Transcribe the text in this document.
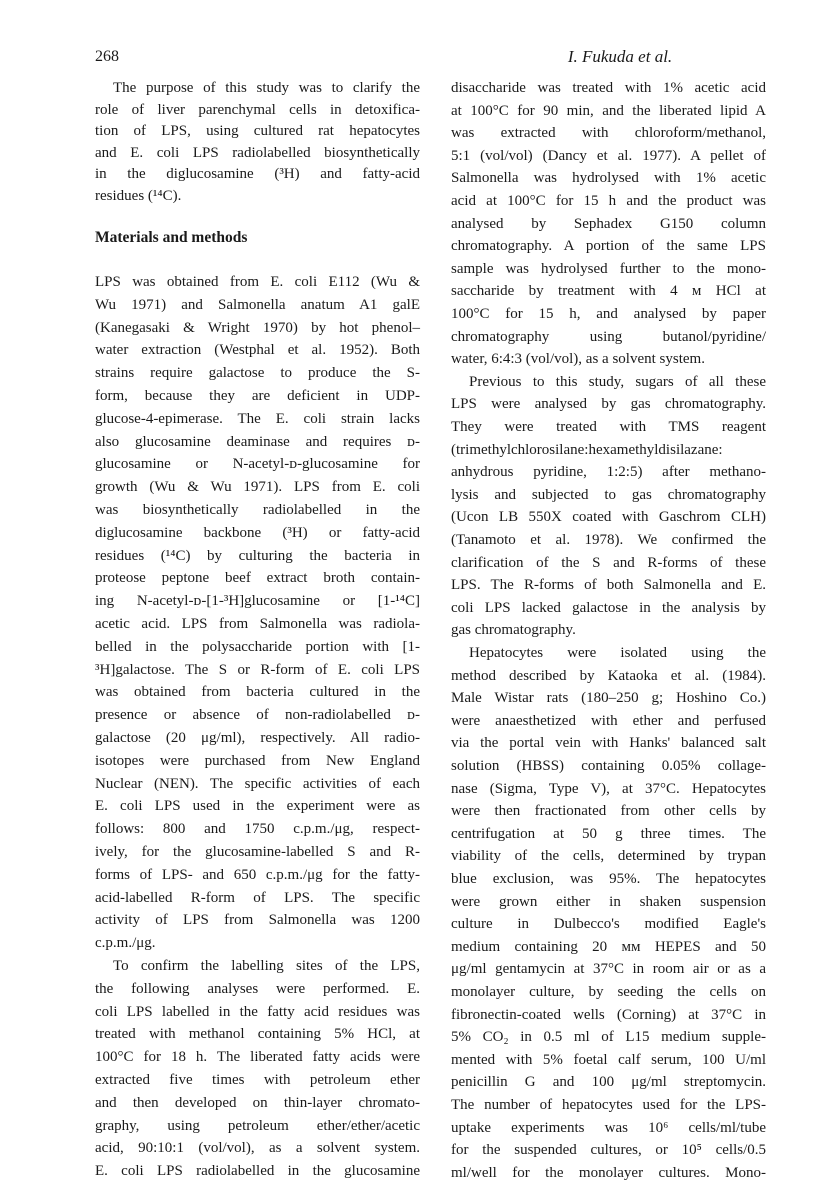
268	I. Fukuda et al.
Materials and methods
The purpose of this study was to clarify the
role of liver parenchymal cells in detoxifica-
tion of LPS, using cultured rat hepatocytes
and E. coli LPS radiolabelled biosynthetically
in the diglucosamine (³H) and fatty-acid
residues (¹⁴C).
LPS was obtained from E. coli E112 (Wu &
Wu 1971) and Salmonella anatum A1 galE
(Kanegasaki & Wright 1970) by hot phenol–
water extraction (Westphal et al. 1952). Both
strains require galactose to produce the S-
form, because they are deficient in UDP-
glucose-4-epimerase. The E. coli strain lacks
also glucosamine deaminase and requires ᴅ-
glucosamine or N-acetyl-ᴅ-glucosamine for
growth (Wu & Wu 1971). LPS from E. coli
was biosynthetically radiolabelled in the
diglucosamine backbone (³H) or fatty-acid
residues (¹⁴C) by culturing the bacteria in
proteose peptone beef extract broth contain-
ing N-acetyl-ᴅ-[1-³H]glucosamine or [1-¹⁴C]
acetic acid. LPS from Salmonella was radiola-
belled in the polysaccharide portion with [1-
³H]galactose. The S or R-form of E. coli LPS
was obtained from bacteria cultured in the
presence or absence of non-radiolabelled ᴅ-
galactose (20 μg/ml), respectively. All radio-
isotopes were purchased from New England
Nuclear (NEN). The specific activities of each
E. coli LPS used in the experiment were as
follows: 800 and 1750 c.p.m./μg, respect-
ively, for the glucosamine-labelled S and R-
forms of LPS- and 650 c.p.m./μg for the fatty-
acid-labelled R-form of LPS. The specific
activity of LPS from Salmonella was 1200
c.p.m./μg.
To confirm the labelling sites of the LPS,
the following analyses were performed. E.
coli LPS labelled in the fatty acid residues was
treated with methanol containing 5% HCl, at
100°C for 18 h. The liberated fatty acids were
extracted five times with petroleum ether
and then developed on thin-layer chromato-
graphy, using petroleum ether/ether/acetic
acid, 90:10:1 (vol/vol), as a solvent system.
E. coli LPS radiolabelled in the glucosamine
disaccharide was treated with 1% acetic acid
at 100°C for 90 min, and the liberated lipid A
was extracted with chloroform/methanol,
5:1 (vol/vol) (Dancy et al. 1977). A pellet of
Salmonella was hydrolysed with 1% acetic
acid at 100°C for 15 h and the product was
analysed by Sephadex G150 column
chromatography. A portion of the same LPS
sample was hydrolysed further to the mono-
saccharide by treatment with 4 ᴍ HCl at
100°C for 15 h, and analysed by paper
chromatography using butanol/pyridine/
water, 6:4:3 (vol/vol), as a solvent system.
Previous to this study, sugars of all these
LPS were analysed by gas chromatography.
They were treated with TMS reagent
(trimethylchlorosilane:hexamethyldisilazane:
anhydrous pyridine, 1:2:5) after methano-
lysis and subjected to gas chromatography
(Ucon LB 550X coated with Gaschrom CLH)
(Tanamoto et al. 1978). We confirmed the
clarification of the S and R-forms of these
LPS. The R-forms of both Salmonella and E.
coli LPS lacked galactose in the analysis by
gas chromatography.
Hepatocytes were isolated using the
method described by Kataoka et al. (1984).
Male Wistar rats (180–250 g; Hoshino Co.)
were anaesthetized with ether and perfused
via the portal vein with Hanks' balanced salt
solution (HBSS) containing 0.05% collage-
nase (Sigma, Type V), at 37°C. Hepatocytes
were then fractionated from other cells by
centrifugation at 50 g three times. The
viability of the cells, determined by trypan
blue exclusion, was 95%. The hepatocytes
were grown either in shaken suspension
culture in Dulbecco's modified Eagle's
medium containing 20 ᴍᴍ HEPES and 50
μg/ml gentamycin at 37°C in room air or as a
monolayer culture, by seeding the cells on
fibronectin-coated wells (Corning) at 37°C in
5% CO₂ in 0.5 ml of L15 medium supple-
mented with 5% foetal calf serum, 100 U/ml
penicillin G and 100 μg/ml streptomycin.
The number of hepatocytes used for the LPS-
uptake experiments was 10⁶ cells/ml/tube
for the suspended cultures, or 10⁵ cells/0.5
ml/well for the monolayer cultures. Mono-
